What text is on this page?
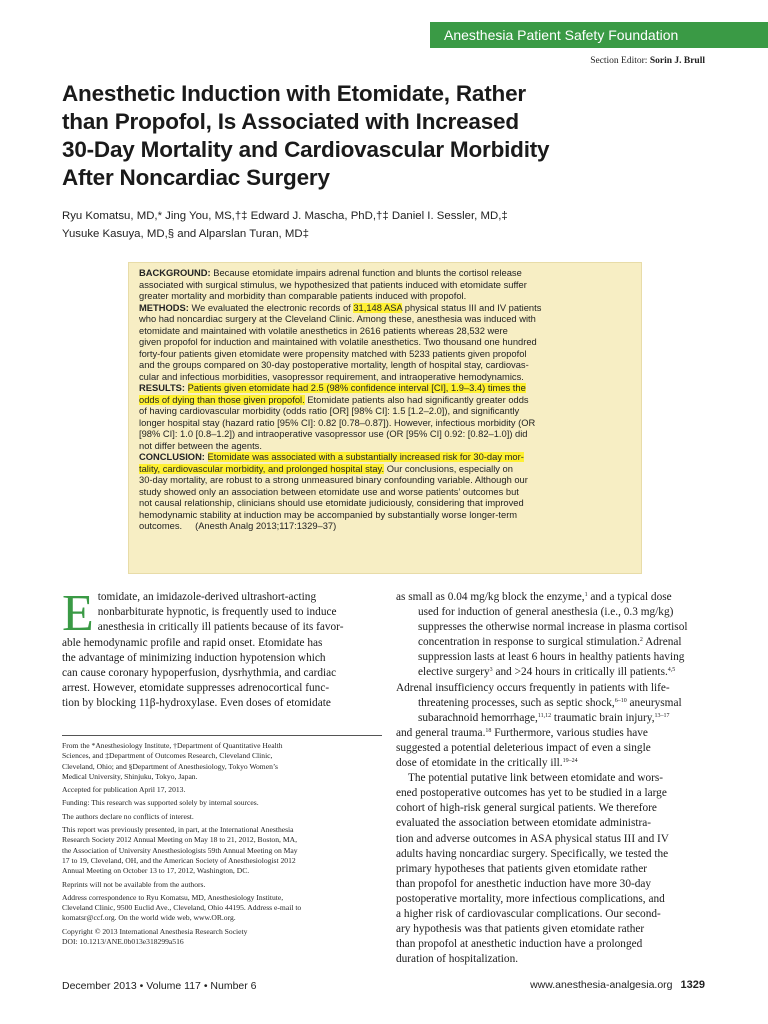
Anesthesia Patient Safety Foundation
Section Editor: Sorin J. Brull
Anesthetic Induction with Etomidate, Rather
than Propofol, Is Associated with Increased
30-Day Mortality and Cardiovascular Morbidity
After Noncardiac Surgery
Ryu Komatsu, MD,* Jing You, MS,†‡ Edward J. Mascha, PhD,†‡ Daniel I. Sessler, MD,‡
Yusuke Kasuya, MD,§ and Alparslan Turan, MD‡
BACKGROUND: Because etomidate impairs adrenal function and blunts the cortisol release
associated with surgical stimulus, we hypothesized that patients induced with etomidate suffer
greater mortality and morbidity than comparable patients induced with propofol.
METHODS: We evaluated the electronic records of 31,148 ASA physical status III and IV patients
who had noncardiac surgery at the Cleveland Clinic. Among these, anesthesia was induced with
etomidate and maintained with volatile anesthetics in 2616 patients whereas 28,532 were
given propofol for induction and maintained with volatile anesthetics. Two thousand one hundred
forty-four patients given etomidate were propensity matched with 5233 patients given propofol
and the groups compared on 30-day postoperative mortality, length of hospital stay, cardiovas-
cular and infectious morbidities, vasopressor requirement, and intraoperative hemodynamics.
RESULTS: Patients given etomidate had 2.5 (98% confidence interval [CI], 1.9–3.4) times the
odds of dying than those given propofol. Etomidate patients also had significantly greater odds
of having cardiovascular morbidity (odds ratio [OR] [98% CI]: 1.5 [1.2–2.0]), and significantly
longer hospital stay (hazard ratio [95% CI]: 0.82 [0.78–0.87]). However, infectious morbidity (OR
[98% CI]: 1.0 [0.8–1.2]) and intraoperative vasopressor use (OR [95% CI] 0.92: [0.82–1.0]) did
not differ between the agents.
CONCLUSION: Etomidate was associated with a substantially increased risk for 30-day mor-
tality, cardiovascular morbidity, and prolonged hospital stay. Our conclusions, especially on
30-day mortality, are robust to a strong unmeasured binary confounding variable. Although our
study showed only an association between etomidate use and worse patients’ outcomes but
not causal relationship, clinicians should use etomidate judiciously, considering that improved
hemodynamic stability at induction may be accompanied by substantially worse longer-term
outcomes.     (Anesth Analg 2013;117:1329–37)
E tomidate, an imidazole-derived ultrashort-acting
nonbarbiturate hypnotic, is frequently used to induce
anesthesia in critically ill patients because of its favor-
able hemodynamic profile and rapid onset. Etomidate has
the advantage of minimizing induction hypotension which
can cause coronary hypoperfusion, dysrhythmia, and cardiac
arrest. However, etomidate suppresses adrenocortical func-
tion by blocking 11β-hydroxylase. Even doses of etomidate

From the *Anesthesiology Institute, †Department of Quantitative Health
Sciences, and ‡Department of Outcomes Research, Cleveland Clinic,
Cleveland, Ohio; and §Department of Anesthesiology, Tokyo Women’s
Medical University, Shinjuku, Tokyo, Japan.

Accepted for publication April 17, 2013.

Funding: This research was supported solely by internal sources.

The authors declare no conflicts of interest.

This report was previously presented, in part, at the International Anesthesia
Research Society 2012 Annual Meeting on May 18 to 21, 2012, Boston, MA,
the Association of University Anesthesiologists 59th Annual Meeting on May
17 to 19, Cleveland, OH, and the American Society of Anesthesiologist 2012
Annual Meeting on October 13 to 17, 2012, Washington, DC.

Reprints will not be available from the authors.

Address correspondence to Ryu Komatsu, MD, Anesthesiology Institute,
Cleveland Clinic, 9500 Euclid Ave., Cleveland, Ohio 44195. Address e-mail to
komatsr@ccf.org. On the world wide web, www.OR.org.

Copyright © 2013 International Anesthesia Research Society
DOI: 10.1213/ANE.0b013e318299a516

as small as 0.04 mg/kg block the enzyme,$^1$ and a typical dose
used for induction of general anesthesia (i.e., 0.3 mg/kg)
suppresses the otherwise normal increase in plasma cortisol
concentration in response to surgical stimulation.$^2$ Adrenal
suppression lasts at least 6 hours in healthy patients having
elective surgery$^3$ and >24 hours in critically ill patients.$^{4,5}$
Adrenal insufficiency occurs frequently in patients with life-
threatening processes, such as septic shock,$^{6-10}$ aneurysmal
subarachnoid hemorrhage,$^{11,12}$ traumatic brain injury,$^{13-17}$
and general trauma.$^{18}$ Furthermore, various studies have
suggested a potential deleterious impact of even a single
dose of etomidate in the critically ill.$^{19-24}$
The potential putative link between etomidate and wors-
ened postoperative outcomes has yet to be studied in a large
cohort of high-risk general surgical patients. We therefore
evaluated the association between etomidate administra-
tion and adverse outcomes in ASA physical status III and IV
adults having noncardiac surgery. Specifically, we tested the
primary hypotheses that patients given etomidate rather
than propofol for anesthetic induction have more 30-day
postoperative mortality, more infectious complications, and
a higher risk of cardiovascular complications. Our second-
ary hypothesis was that patients given etomidate rather
than propofol at anesthetic induction have a prolonged
duration of hospitalization.
December 2013 • Volume 117 • Number 6	www.anesthesia-analgesia.org 1329
